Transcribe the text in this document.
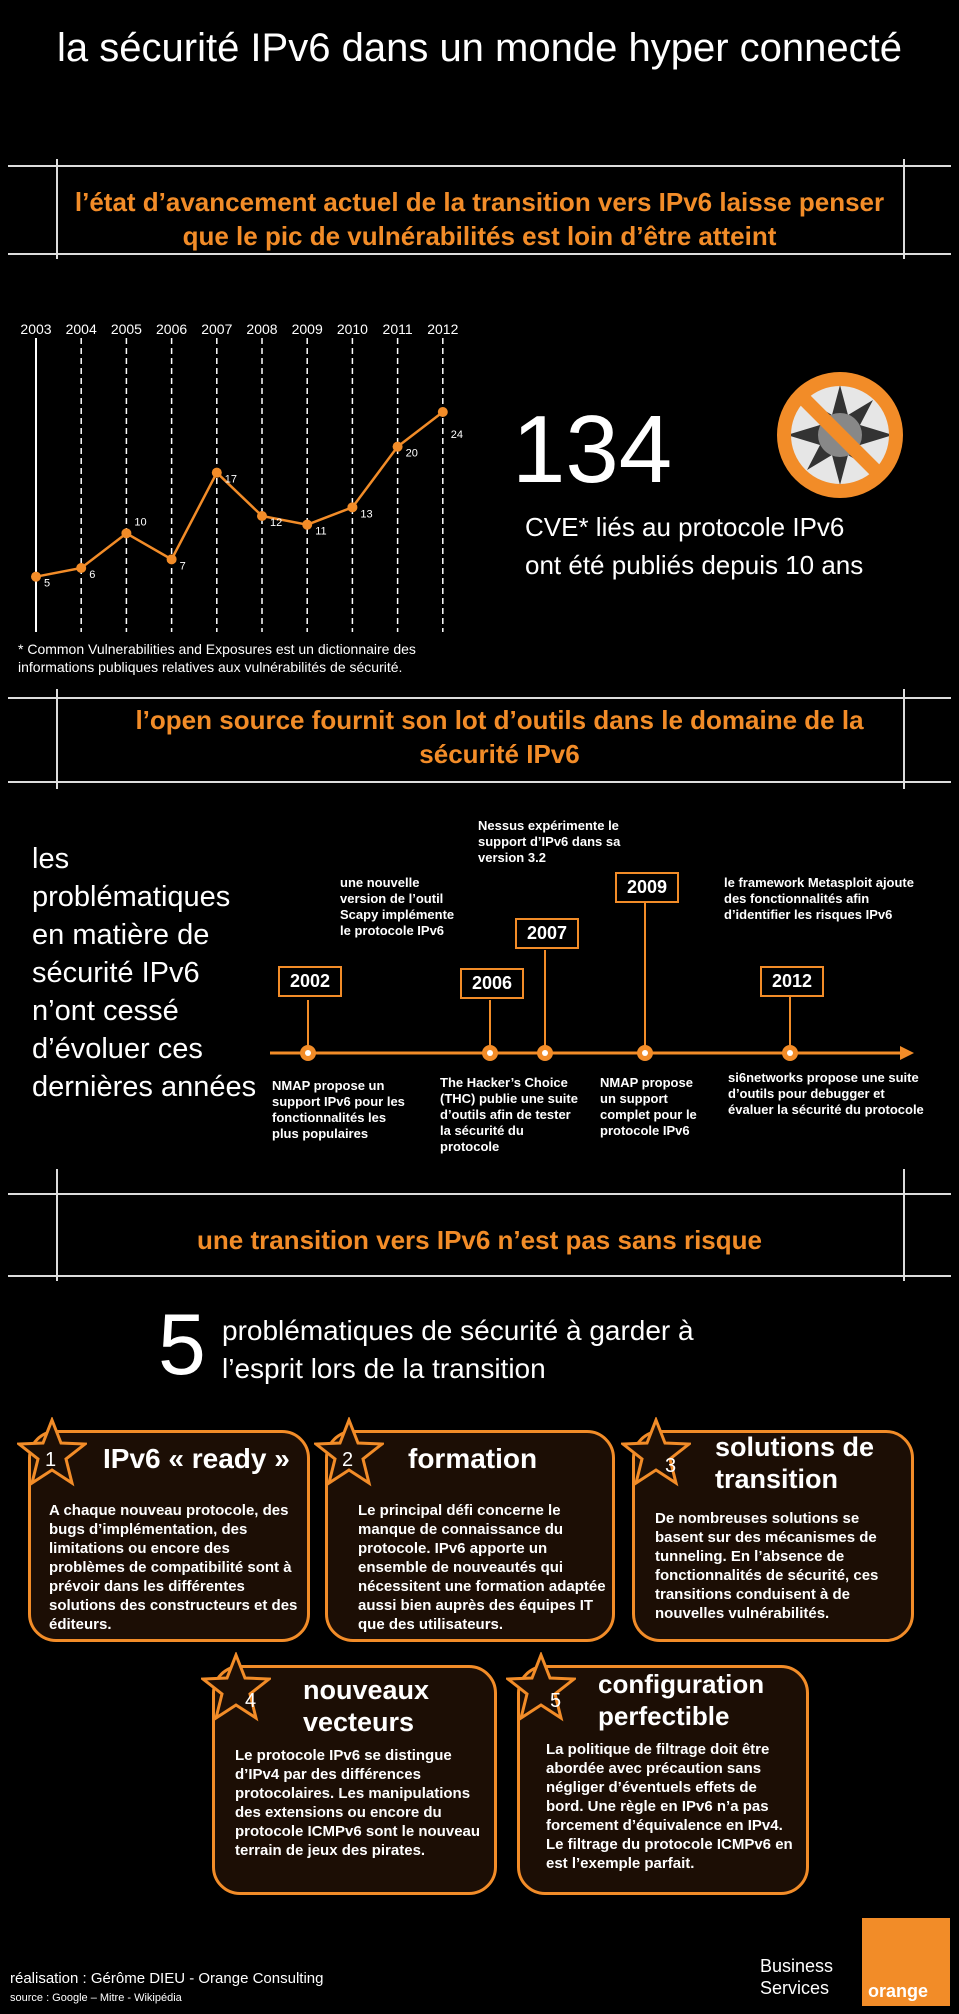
la sécurité IPv6 dans un monde hyper connecté
l’état d’avancement actuel de la transition vers IPv6 laisse penser que le pic de vulnérabilités est loin d’être atteint
5
6
10
7
17
12
11
13
20
24
2003 2004 2005 2006 2007 2008 2009 2010 2011 2012
134
CVE* liés au protocole IPv6
ont été publiés depuis 10 ans
* Common Vulnerabilities and Exposures est un dictionnaire des
informations publiques relatives aux vulnérabilités de sécurité.
l’open source fournit son lot d’outils dans le domaine de la sécurité IPv6
les problématiques en matière de sécurité IPv6 n’ont cessé d’évoluer ces dernières années
2002	2006
2007
2009
2012
une nouvelle version de l’outil Scapy implémente le protocole IPv6
Nessus expérimente le support d’IPv6 dans sa version 3.2
le framework Metasploit ajoute des fonctionnalités afin d’identifier les risques IPv6
NMAP propose un support IPv6 pour les fonctionnalités les plus populaires
The Hacker’s Choice (THC) publie une suite d’outils afin de tester la sécurité du protocole
NMAP propose un support complet pour le protocole IPv6
si6networks propose une suite d’outils pour debugger et évaluer la sécurité du protocole
une transition vers IPv6 n’est pas sans risque
5 problématiques de sécurité à garder à
l’esprit lors de la transition
1 IPv6 « ready »
A chaque nouveau protocole, des bugs d’implémentation, des limitations ou encore des problèmes de compatibilité sont à prévoir dans les différentes solutions des constructeurs et des éditeurs.
2 formation
Le principal défi concerne le manque de connaissance du protocole. IPv6 apporte un ensemble de nouveautés qui nécessitent une formation adaptée aussi bien auprès des équipes IT que des utilisateurs.
3
solutions de transition
De nombreuses solutions se basent sur des mécanismes de tunneling. En l’absence de fonctionnalités de sécurité, ces transitions conduisent à de nouvelles vulnérabilités.
4 nouveaux vecteurs
Le protocole IPv6 se distingue d’IPv4 par des différences protocolaires. Les manipulations des extensions ou encore du protocole ICMPv6 sont le nouveau terrain de jeux des pirates.
5
configuration perfectible
La politique de filtrage doit être abordée avec précaution sans négliger d’éventuels effets de bord. Une règle en IPv6 n’a pas forcement d’équivalence en IPv4. Le filtrage du protocole ICMPv6 en est l’exemple parfait.
réalisation : Gérôme DIEU - Orange Consulting
source : Google – Mitre - Wikipédia
Business
Services orange
